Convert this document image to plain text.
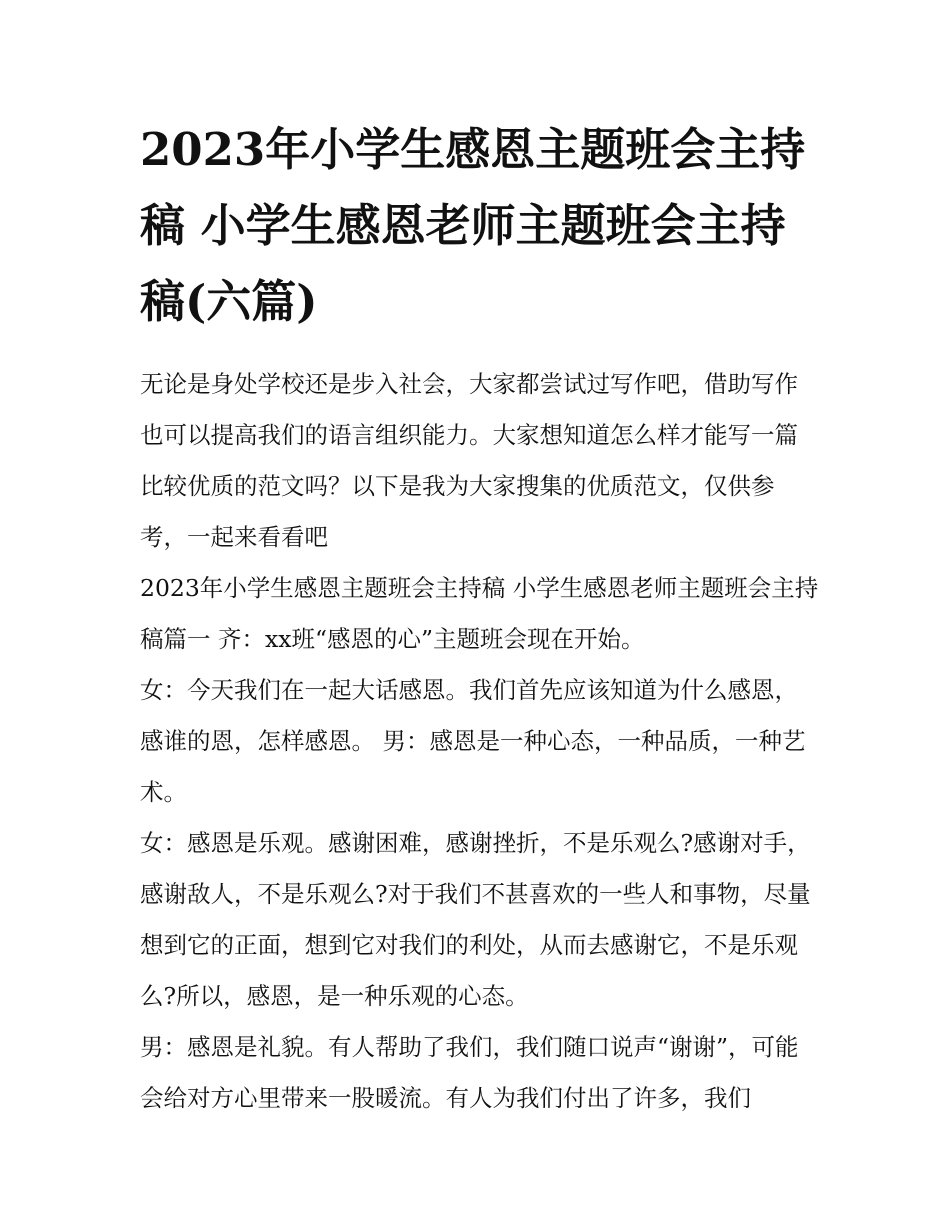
2023年小学生感恩主题班会主持稿 小学生感恩老师主题班会主持稿(六篇)

无论是身处学校还是步入社会，大家都尝试过写作吧，借助写作也可以提高我们的语言组织能力。大家想知道怎么样才能写一篇比较优质的范文吗？以下是我为大家搜集的优质范文，仅供参考，一起来看看吧

2023年小学生感恩主题班会主持稿 小学生感恩老师主题班会主持稿篇一 齐：xx班“感恩的心”主题班会现在开始。

女：今天我们在一起大话感恩。我们首先应该知道为什么感恩，感谁的恩，怎样感恩。 男：感恩是一种心态，一种品质，一种艺术。

女：感恩是乐观。感谢困难，感谢挫折，不是乐观么?感谢对手，感谢敌人，不是乐观么?对于我们不甚喜欢的一些人和事物，尽量想到它的正面，想到它对我们的利处，从而去感谢它，不是乐观么?所以，感恩，是一种乐观的心态。

男：感恩是礼貌。有人帮助了我们，我们随口说声“谢谢”，可能会给对方心里带来一股暖流。有人为我们付出了许多，我们
